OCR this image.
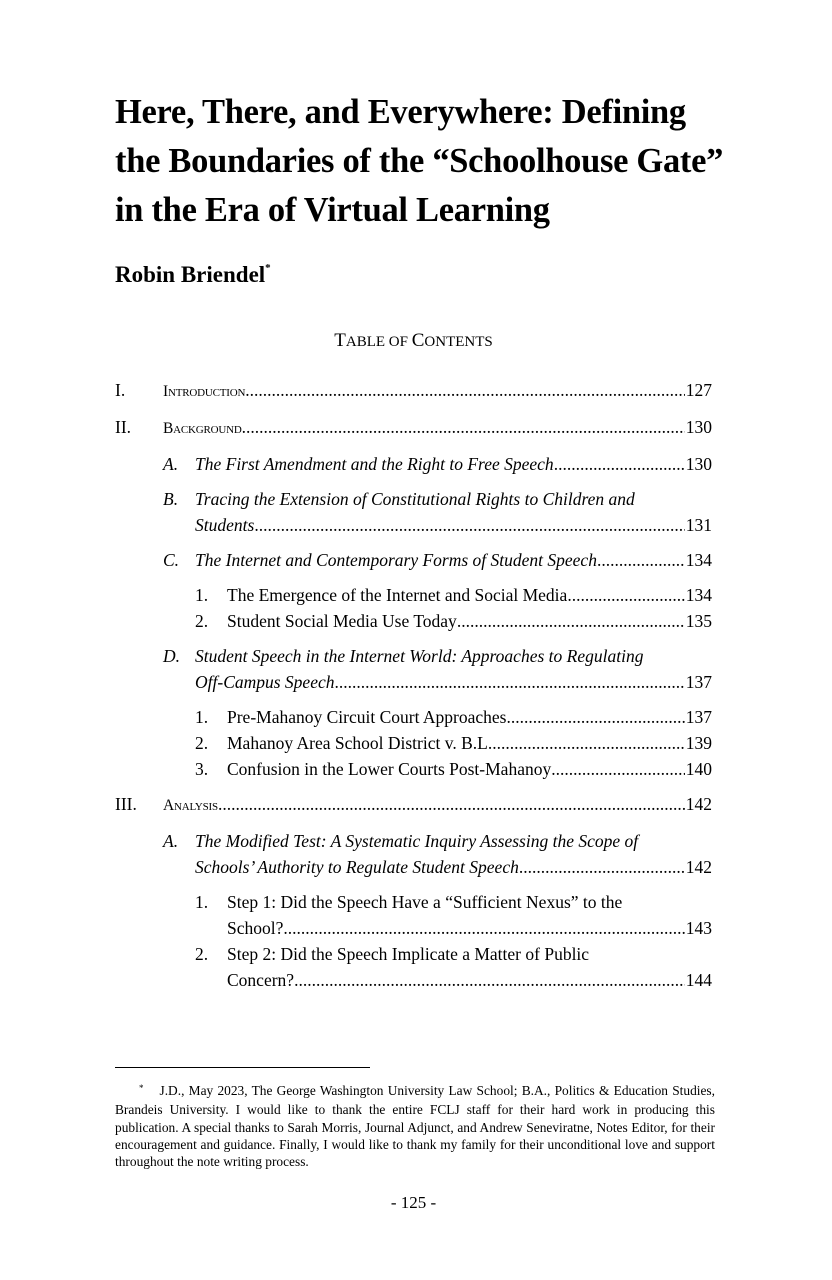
Here, There, and Everywhere: Defining the Boundaries of the “Schoolhouse Gate” in the Era of Virtual Learning

Robin Briendel*

TABLE OF CONTENTS

I. Introduction .....	127
II. Background .....	130
A. The First Amendment and the Right to Free Speech .....	130
B. Tracing the Extension of Constitutional Rights to Children and
Students .....	131
C. The Internet and Contemporary Forms of Student Speech .....	134
1. The Emergence of the Internet and Social Media .....	134
2. Student Social Media Use Today .....	135
D. Student Speech in the Internet World: Approaches to Regulating
Off-Campus Speech .....	137
1. Pre-Mahanoy Circuit Court Approaches .....	137
2. Mahanoy Area School District v. B.L. .....	139
3. Confusion in the Lower Courts Post-Mahanoy .....	140
III. Analysis .....	142
A. The Modified Test: A Systematic Inquiry Assessing the Scope of
Schools’ Authority to Regulate Student Speech .....	142
1. Step 1: Did the Speech Have a “Sufficient Nexus” to the
School? .....	143
2. Step 2: Did the Speech Implicate a Matter of Public
Concern? .....	144

* J.D., May 2023, The George Washington University Law School; B.A., Politics & Education Studies, Brandeis University. I would like to thank the entire FCLJ staff for their hard work in producing this publication. A special thanks to Sarah Morris, Journal Adjunct, and Andrew Seneviratne, Notes Editor, for their encouragement and guidance. Finally, I would like to thank my family for their unconditional love and support throughout the note writing process.

- 125 -
